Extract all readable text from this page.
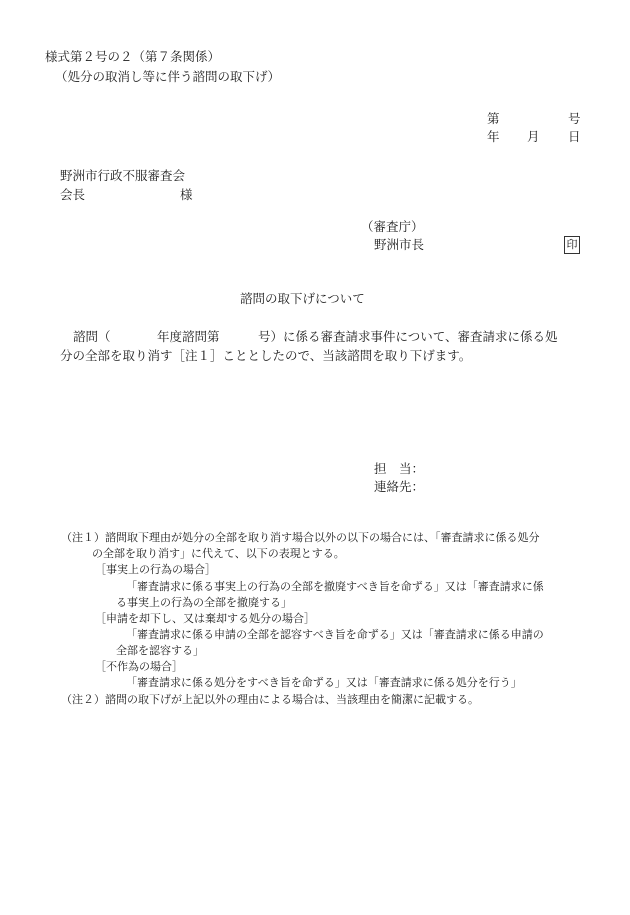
様式第２号の２（第７条関係）
（処分の取消し等に伴う諮問の取下げ）
第	号
年 月 日
野洲市行政不服審査会
会長	様
（審査庁）
野洲市長	印
諮問の取下げについて
諮問（	年度諮問第	号）に係る審査請求事件について、審査請求に係る処
分の全部を取り消す［注１］こととしたので、当該諮問を取り下げます。
担　当：
連絡先：
（注１）諮問取下理由が処分の全部を取り消す場合以外の以下の場合には、「審査請求に係る処分
の全部を取り消す」に代えて、以下の表現とする。
［事実上の行為の場合］
「審査請求に係る事実上の行為の全部を撤廃すべき旨を命ずる」又は「審査請求に係
る事実上の行為の全部を撤廃する」
［申請を却下し、又は棄却する処分の場合］
「審査請求に係る申請の全部を認容すべき旨を命ずる」又は「審査請求に係る申請の
全部を認容する」
［不作為の場合］
「審査請求に係る処分をすべき旨を命ずる」又は「審査請求に係る処分を行う」
（注２）諮問の取下げが上記以外の理由による場合は、当該理由を簡潔に記載する。
